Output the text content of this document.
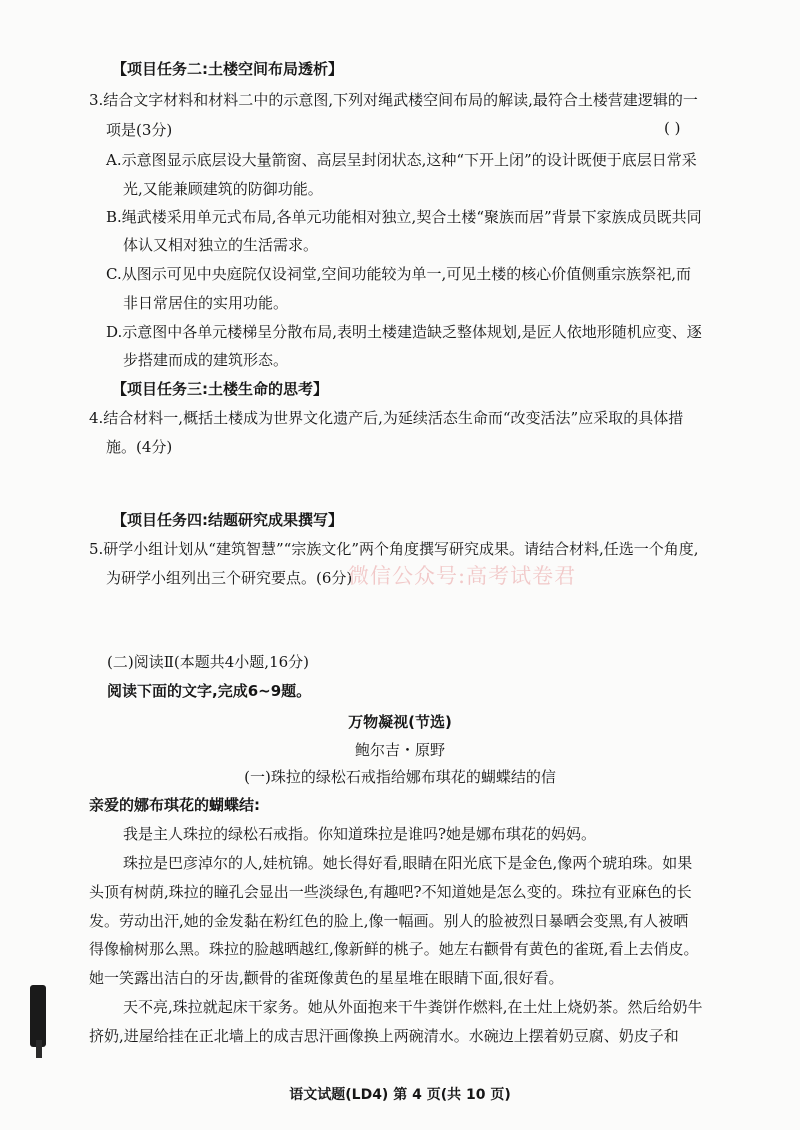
【项目任务二:土楼空间布局透析】
3.结合文字材料和材料二中的示意图,下列对绳武楼空间布局的解读,最符合土楼营建逻辑的一
项是(3分)	( )
A.示意图显示底层设大量箭窗、高层呈封闭状态,这种“下开上闭”的设计既便于底层日常采
光,又能兼顾建筑的防御功能。
B.绳武楼采用单元式布局,各单元功能相对独立,契合土楼“聚族而居”背景下家族成员既共同
体认又相对独立的生活需求。
C.从图示可见中央庭院仅设祠堂,空间功能较为单一,可见土楼的核心价值侧重宗族祭祀,而
非日常居住的实用功能。
D.示意图中各单元楼梯呈分散布局,表明土楼建造缺乏整体规划,是匠人依地形随机应变、逐
步搭建而成的建筑形态。
【项目任务三:土楼生命的思考】
4.结合材料一,概括土楼成为世界文化遗产后,为延续活态生命而“改变活法”应采取的具体措
施。(4分)
【项目任务四:结题研究成果撰写】
5.研学小组计划从“建筑智慧”“宗族文化”两个角度撰写研究成果。请结合材料,任选一个角度,
为研学小组列出三个研究要点。(6分)
微信公众号:高考试卷君
(二)阅读Ⅱ(本题共4小题,16分)
阅读下面的文字,完成6~9题。
万物凝视(节选)
鲍尔吉・原野
(一)珠拉的绿松石戒指给娜布琪花的蝴蝶结的信
亲爱的娜布琪花的蝴蝶结:
我是主人珠拉的绿松石戒指。你知道珠拉是谁吗?她是娜布琪花的妈妈。
珠拉是巴彦淖尔的人,娃杭锦。她长得好看,眼睛在阳光底下是金色,像两个琥珀珠。如果
头顶有树荫,珠拉的瞳孔会显出一些淡绿色,有趣吧?不知道她是怎么变的。珠拉有亚麻色的长
发。劳动出汗,她的金发黏在粉红色的脸上,像一幅画。别人的脸被烈日暴晒会变黑,有人被晒
得像榆树那么黑。珠拉的脸越晒越红,像新鲜的桃子。她左右颧骨有黄色的雀斑,看上去俏皮。
她一笑露出洁白的牙齿,颧骨的雀斑像黄色的星星堆在眼睛下面,很好看。
天不亮,珠拉就起床干家务。她从外面抱来干牛粪饼作燃料,在土灶上烧奶茶。然后给奶牛
挤奶,进屋给挂在正北墙上的成吉思汗画像换上两碗清水。水碗边上摆着奶豆腐、奶皮子和
语文试题(LD4) 第 4 页(共 10 页)
